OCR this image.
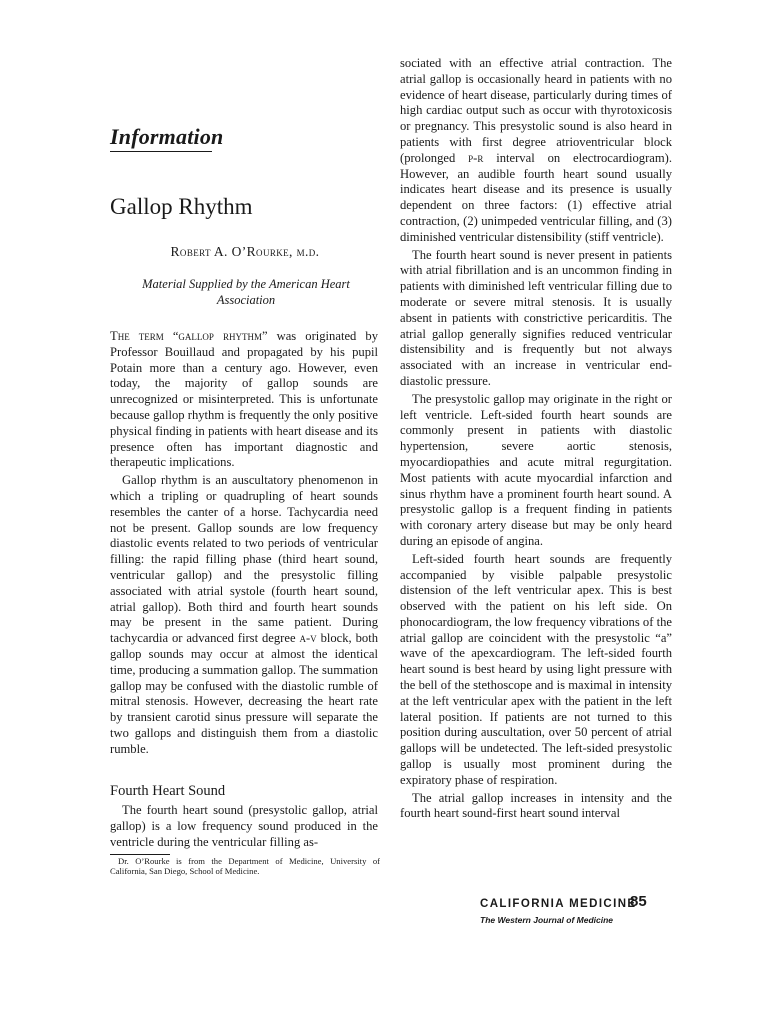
Information
Gallop Rhythm
Robert A. O’Rourke, m.d.
Material Supplied by the American Heart Association

The term “gallop rhythm” was originated by Professor Bouillaud and propagated by his pupil Potain more than a century ago. However, even today, the majority of gallop sounds are unrecognized or misinterpreted. This is unfortunate because gallop rhythm is frequently the only positive physical finding in patients with heart disease and its presence often has important diagnostic and therapeutic implications.

Gallop rhythm is an auscultatory phenomenon in which a tripling or quadrupling of heart sounds resembles the canter of a horse. Tachycardia need not be present. Gallop sounds are low frequency diastolic events related to two periods of ventricular filling: the rapid filling phase (third heart sound, ventricular gallop) and the presystolic filling associated with atrial systole (fourth heart sound, atrial gallop). Both third and fourth heart sounds may be present in the same patient. During tachycardia or advanced first degree a-v block, both gallop sounds may occur at almost the identical time, producing a summation gallop. The summation gallop may be confused with the diastolic rumble of mitral stenosis. However, decreasing the heart rate by transient carotid sinus pressure will separate the two gallops and distinguish them from a diastolic rumble.

Fourth Heart Sound

The fourth heart sound (presystolic gallop, atrial gallop) is a low frequency sound produced in the ventricle during the ventricular filling as-

Dr. O’Rourke is from the Department of Medicine, University of California, San Diego, School of Medicine.

sociated with an effective atrial contraction. The atrial gallop is occasionally heard in patients with no evidence of heart disease, particularly during times of high cardiac output such as occur with thyrotoxicosis or pregnancy. This presystolic sound is also heard in patients with first degree atrioventricular block (prolonged p-r interval on electrocardiogram). However, an audible fourth heart sound usually indicates heart disease and its presence is usually dependent on three factors: (1) effective atrial contraction, (2) unimpeded ventricular filling, and (3) diminished ventricular distensibility (stiff ventricle).

The fourth heart sound is never present in patients with atrial fibrillation and is an uncommon finding in patients with diminished left ventricular filling due to moderate or severe mitral stenosis. It is usually absent in patients with constrictive pericarditis. The atrial gallop generally signifies reduced ventricular distensibility and is frequently but not always associated with an increase in ventricular end-diastolic pressure.

The presystolic gallop may originate in the right or left ventricle. Left-sided fourth heart sounds are commonly present in patients with diastolic hypertension, severe aortic stenosis, myocardiopathies and acute mitral regurgitation. Most patients with acute myocardial infarction and sinus rhythm have a prominent fourth heart sound. A presystolic gallop is a frequent finding in patients with coronary artery disease but may be only heard during an episode of angina.

Left-sided fourth heart sounds are frequently accompanied by visible palpable presystolic distension of the left ventricular apex. This is best observed with the patient on his left side. On phonocardiogram, the low frequency vibrations of the atrial gallop are coincident with the presystolic “a” wave of the apexcardiogram. The left-sided fourth heart sound is best heard by using light pressure with the bell of the stethoscope and is maximal in intensity at the left ventricular apex with the patient in the left lateral position. If patients are not turned to this position during auscultation, over 50 percent of atrial gallops will be undetected. The left-sided presystolic gallop is usually most prominent during the expiratory phase of respiration.

The atrial gallop increases in intensity and the fourth heart sound-first heart sound interval

CALIFORNIA MEDICINE
85
The Western Journal of Medicine
